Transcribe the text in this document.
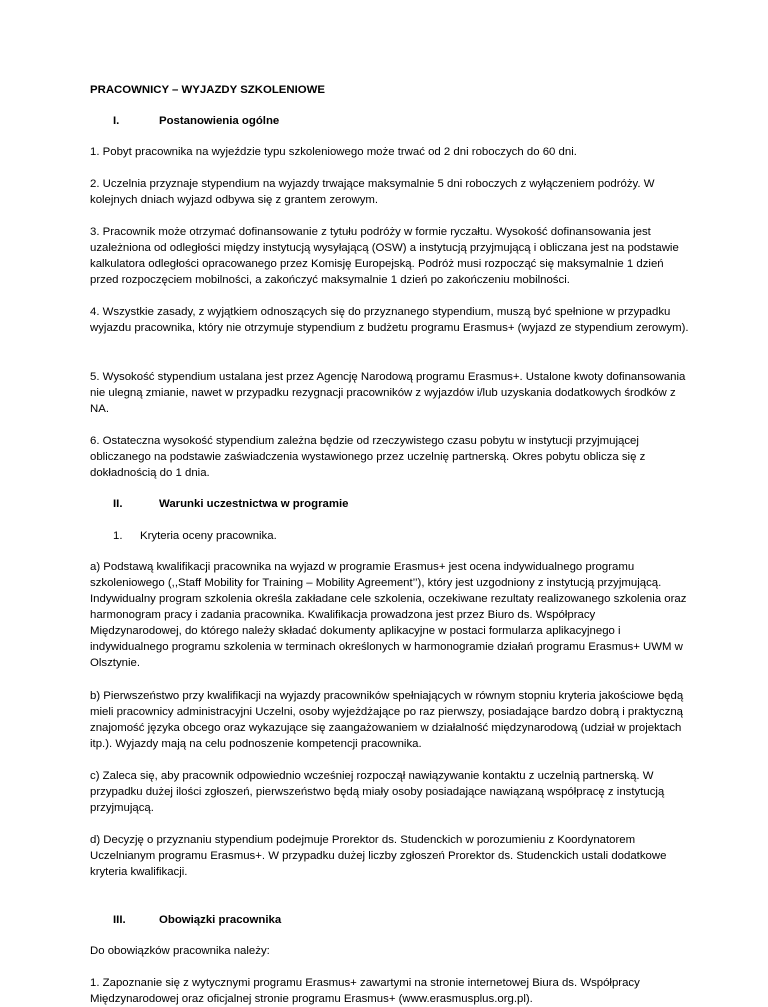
PRACOWNICY – WYJAZDY SZKOLENIOWE

I.	Postanowienia ogólne

1. Pobyt pracownika na wyjeździe typu szkoleniowego może trwać od 2 dni roboczych do 60 dni.

2. Uczelnia przyznaje stypendium na wyjazdy trwające maksymalnie 5 dni roboczych z wyłączeniem podróży. W kolejnych dniach wyjazd odbywa się z grantem zerowym.

3. Pracownik może otrzymać dofinansowanie z tytułu podróży w formie ryczałtu. Wysokość dofinansowania jest uzależniona od odległości między instytucją wysyłającą (OSW) a instytucją przyjmującą i obliczana jest na podstawie kalkulatora odległości opracowanego przez Komisję Europejską. Podróż musi rozpocząć się maksymalnie 1 dzień przed rozpoczęciem mobilności, a zakończyć maksymalnie 1 dzień po zakończeniu mobilności.

4. Wszystkie zasady, z wyjątkiem odnoszących się do przyznanego stypendium, muszą być spełnione w przypadku wyjazdu pracownika, który nie otrzymuje stypendium z budżetu programu Erasmus+ (wyjazd ze stypendium zerowym).

5. Wysokość stypendium ustalana jest przez Agencję Narodową programu Erasmus+. Ustalone kwoty dofinansowania nie ulegną zmianie, nawet w przypadku rezygnacji pracowników z wyjazdów i/lub uzyskania dodatkowych środków z NA.

6. Ostateczna wysokość stypendium zależna będzie od rzeczywistego czasu pobytu w instytucji przyjmującej obliczanego na podstawie zaświadczenia wystawionego przez uczelnię partnerską. Okres pobytu oblicza się z dokładnością do 1 dnia.

II.	Warunki uczestnictwa w programie
1. Kryteria oceny pracownika.

a) Podstawą kwalifikacji pracownika na wyjazd w programie Erasmus+ jest ocena indywidualnego programu szkoleniowego (,,Staff Mobility for Training – Mobility Agreement’’), który jest uzgodniony z instytucją przyjmującą. Indywidualny program szkolenia określa zakładane cele szkolenia, oczekiwane rezultaty realizowanego szkolenia oraz harmonogram pracy i zadania pracownika. Kwalifikacja prowadzona jest przez Biuro ds. Współpracy Międzynarodowej, do którego należy składać dokumenty aplikacyjne w postaci formularza aplikacyjnego i indywidualnego programu szkolenia w terminach określonych w harmonogramie działań programu Erasmus+ UWM w Olsztynie.

b) Pierwszeństwo przy kwalifikacji na wyjazdy pracowników spełniających w równym stopniu kryteria jakościowe będą mieli pracownicy administracyjni Uczelni, osoby wyjeżdżające po raz pierwszy, posiadające bardzo dobrą i praktyczną znajomość języka obcego oraz wykazujące się zaangażowaniem w działalność międzynarodową (udział w projektach itp.). Wyjazdy mają na celu podnoszenie kompetencji pracownika.

c) Zaleca się, aby pracownik odpowiednio wcześniej rozpoczął nawiązywanie kontaktu z uczelnią partnerską. W przypadku dużej ilości zgłoszeń, pierwszeństwo będą miały osoby posiadające nawiązaną współpracę z instytucją przyjmującą.

d) Decyzję o przyznaniu stypendium podejmuje Prorektor ds. Studenckich w porozumieniu z Koordynatorem Uczelnianym programu Erasmus+. W przypadku dużej liczby zgłoszeń Prorektor ds. Studenckich ustali dodatkowe kryteria kwalifikacji.

III.	Obowiązki pracownika

Do obowiązków pracownika należy:

1. Zapoznanie się z wytycznymi programu Erasmus+ zawartymi na stronie internetowej Biura ds. Współpracy Międzynarodowej oraz oficjalnej stronie programu Erasmus+ (www.erasmusplus.org.pl).
